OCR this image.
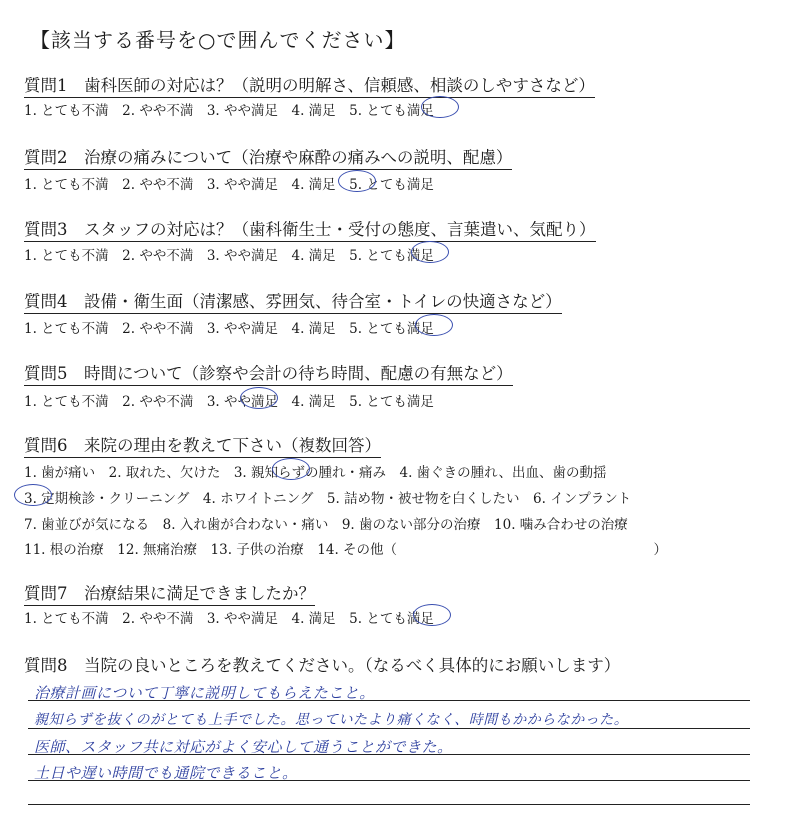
【該当する番号を○で囲んでください】
質問1　歯科医師の対応は？（説明の明解さ、信頼感、相談のしやすさなど）
1. とても不満　2. やや不満　3. やや満足　4. 満足　5. とても満足
質問2　治療の痛みについて（治療や麻酔の痛みへの説明、配慮）
1. とても不満　2. やや不満　3. やや満足　4. 満足　5. とても満足
質問3　スタッフの対応は？（歯科衛生士・受付の態度、言葉遣い、気配り）
1. とても不満　2. やや不満　3. やや満足　4. 満足　5. とても満足
質問4　設備・衛生面（清潔感、雰囲気、待合室・トイレの快適さなど）
1. とても不満　2. やや不満　3. やや満足　4. 満足　5. とても満足
質問5　時間について（診察や会計の待ち時間、配慮の有無など）
1. とても不満　2. やや不満　3. やや満足　4. 満足　5. とても満足
質問6　来院の理由を教えて下さい（複数回答）
1. 歯が痛い　2. 取れた、欠けた　3. 親知らずの腫れ・痛み　4. 歯ぐきの腫れ、出血、歯の動揺
3. 定期検診・クリーニング　4. ホワイトニング　5. 詰め物・被せ物を白くしたい　6. インプラント
7. 歯並びが気になる　8. 入れ歯が合わない・痛い　9. 歯のない部分の治療　10. 噛み合わせの治療
11. 根の治療　12. 無痛治療　13. 子供の治療　14. その他（　　　　　　　　　　　　　　　　　　　）
質問7　治療結果に満足できましたか？
1. とても不満　2. やや不満　3. やや満足　4. 満足　5. とても満足
質問8　当院の良いところを教えてください。（なるべく具体的にお願いします）
治療計画について丁寧に説明してもらえたこと。
親知らずを抜くのがとても上手でした。思っていたより痛くなく、時間もかからなかった。
医師、スタッフ共に対応がよく安心して通うことができた。
土日や遅い時間でも通院できること。
